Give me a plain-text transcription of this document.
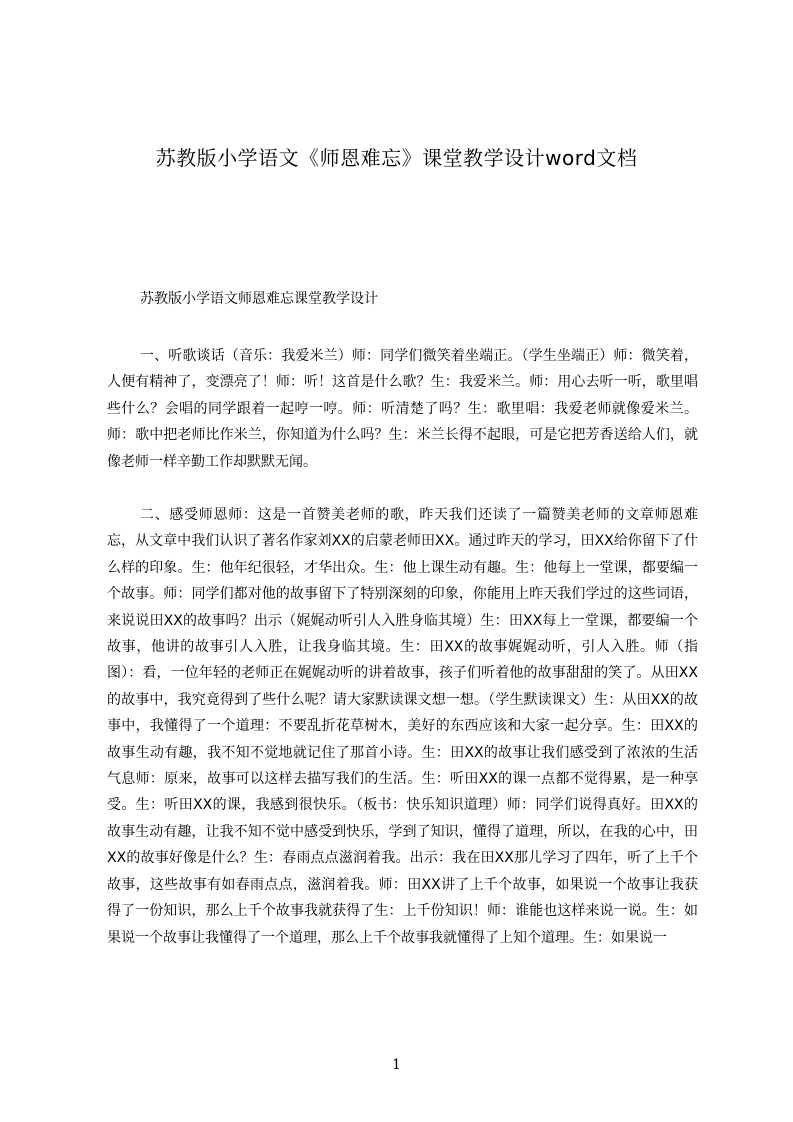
苏教版小学语文《师恩难忘》课堂教学设计word文档
苏教版小学语文师恩难忘课堂教学设计
一、听歌谈话（音乐：我爱米兰）师：同学们微笑着坐端正。（学生坐端正）师：微笑着，人便有精神了，变漂亮了！师：听！这首是什么歌？生：我爱米兰。师：用心去听一听，歌里唱些什么？会唱的同学跟着一起哼一哼。师：听清楚了吗？生：歌里唱：我爱老师就像爱米兰。师：歌中把老师比作米兰，你知道为什么吗？生：米兰长得不起眼，可是它把芳香送给人们，就像老师一样辛勤工作却默默无闻。
二、感受师恩师：这是一首赞美老师的歌，昨天我们还读了一篇赞美老师的文章师恩难忘，从文章中我们认识了著名作家刘XX的启蒙老师田XX。通过昨天的学习，田XX给你留下了什么样的印象。生：他年纪很轻，才华出众。生：他上课生动有趣。生：他每上一堂课，都要编一个故事。师：同学们都对他的故事留下了特别深刻的印象，你能用上昨天我们学过的这些词语，来说说田XX的故事吗？出示（娓娓动听引人入胜身临其境）生：田XX每上一堂课，都要编一个故事，他讲的故事引人入胜，让我身临其境。生：田XX的故事娓娓动听，引人入胜。师（指图）：看，一位年轻的老师正在娓娓动听的讲着故事，孩子们听着他的故事甜甜的笑了。从田XX的故事中，我究竟得到了些什么呢？请大家默读课文想一想。（学生默读课文）生：从田XX的故事中，我懂得了一个道理：不要乱折花草树木，美好的东西应该和大家一起分享。生：田XX的故事生动有趣，我不知不觉地就记住了那首小诗。生：田XX的故事让我们感受到了浓浓的生活气息师：原来，故事可以这样去描写我们的生活。生：听田XX的课一点都不觉得累，是一种享受。生：听田XX的课，我感到很快乐。（板书：快乐知识道理）师：同学们说得真好。田XX的故事生动有趣，让我不知不觉中感受到快乐，学到了知识，懂得了道理，所以，在我的心中，田XX的故事好像是什么？生：春雨点点滋润着我。出示：我在田XX那儿学习了四年，听了上千个故事，这些故事有如春雨点点，滋润着我。师：田XX讲了上千个故事，如果说一个故事让我获得了一份知识，那么上千个故事我就获得了生：上千份知识！师：谁能也这样来说一说。生：如果说一个故事让我懂得了一个道理，那么上千个故事我就懂得了上知个道理。生：如果说一
1
